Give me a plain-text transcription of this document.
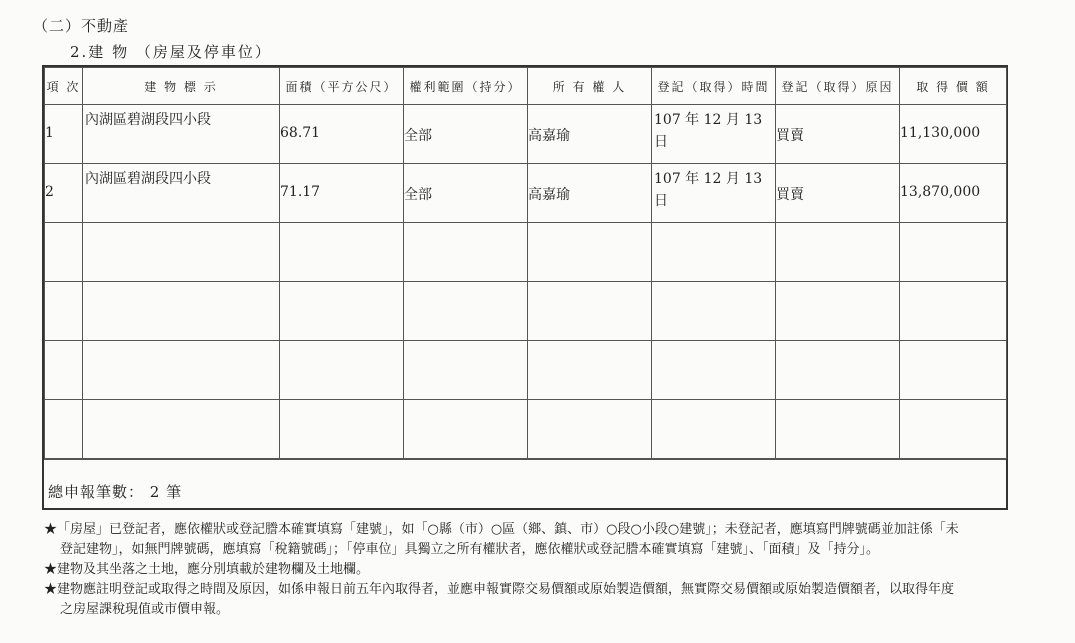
（二）不動產
2.建 物 （房屋及停車位）
項 次	建 物 標 示	面積（平方公尺）	權利範圍（持分）	所 有 權 人	登記（取得）時間	登記（取得）原因	取 得 價 額

1	內湖區碧湖段四小段	68.71	全部	高嘉瑜	107 年 12 月 13 日	買賣	11,130,000

2	內湖區碧湖段四小段	71.17	全部	高嘉瑜	107 年 12 月 13 日	買賣	13,870,000

總申報筆數： 2 筆
★「房屋」已登記者，應依權狀或登記謄本確實填寫「建號」，如「○縣（市）○區（鄉、鎮、市）○段○小段○建號」；未登記者，應填寫門牌號碼並加註係「未
登記建物」，如無門牌號碼，應填寫「稅籍號碼」；「停車位」具獨立之所有權狀者，應依權狀或登記謄本確實填寫「建號」、「面積」及「持分」。
★建物及其坐落之土地，應分別填載於建物欄及土地欄。
★建物應註明登記或取得之時間及原因，如係申報日前五年內取得者，並應申報實際交易價額或原始製造價額，無實際交易價額或原始製造價額者，以取得年度
之房屋課稅現值或市價申報。
